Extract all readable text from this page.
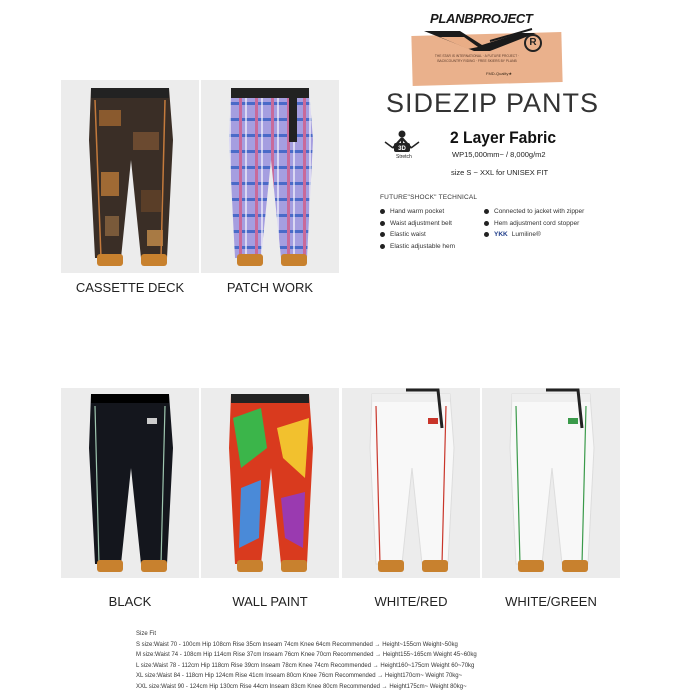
PLANBPROJECT
R
THE STAR IS INTERNATIONAL · A FUTURE PROJECT · BACKCOUNTRY RIDING · FREE SKIERS BY PLANB
FMD-Quality★
SIDEZIP PANTS
3D
Stretch
2 Layer Fabric
WP15,000mm~ / 8,000g/m2
size S ~ XXL for UNISEX FIT
FUTURE"SHOCK" TECHNICAL
Hand warm pocket
Waist adjustment belt
Elastic waist
Elastic adjustable hem
Connected to jacket with zipper
Hem adjustment cord stopper
YKK Lumiline®
CASSETTE DECK	PATCH WORK
BLACK	WALL PAINT	WHITE/RED	WHITE/GREEN
Size Fit
S size:Waist 70 - 100cm Hip 108cm Rise 35cm Inseam 74cm Knee 64cm Recommended → Height~155cm Weight~50kg
M size:Waist 74 - 108cm Hip 114cm Rise 37cm Inseam 76cm Knee 70cm Recommended → Height155~165cm Weight 45~60kg
L size:Waist 78 - 112cm Hip 118cm Rise 39cm Inseam 78cm Knee 74cm Recommended → Height160~175cm Weight 60~70kg
XL size:Waist 84 - 118cm Hip 124cm Rise 41cm Inseam 80cm Knee 76cm Recommended → Height170cm~ Weight 70kg~
XXL size:Waist 90 - 124cm Hip 130cm Rise 44cm Inseam 83cm Knee 80cm Recommended → Height175cm~ Weight 80kg~
